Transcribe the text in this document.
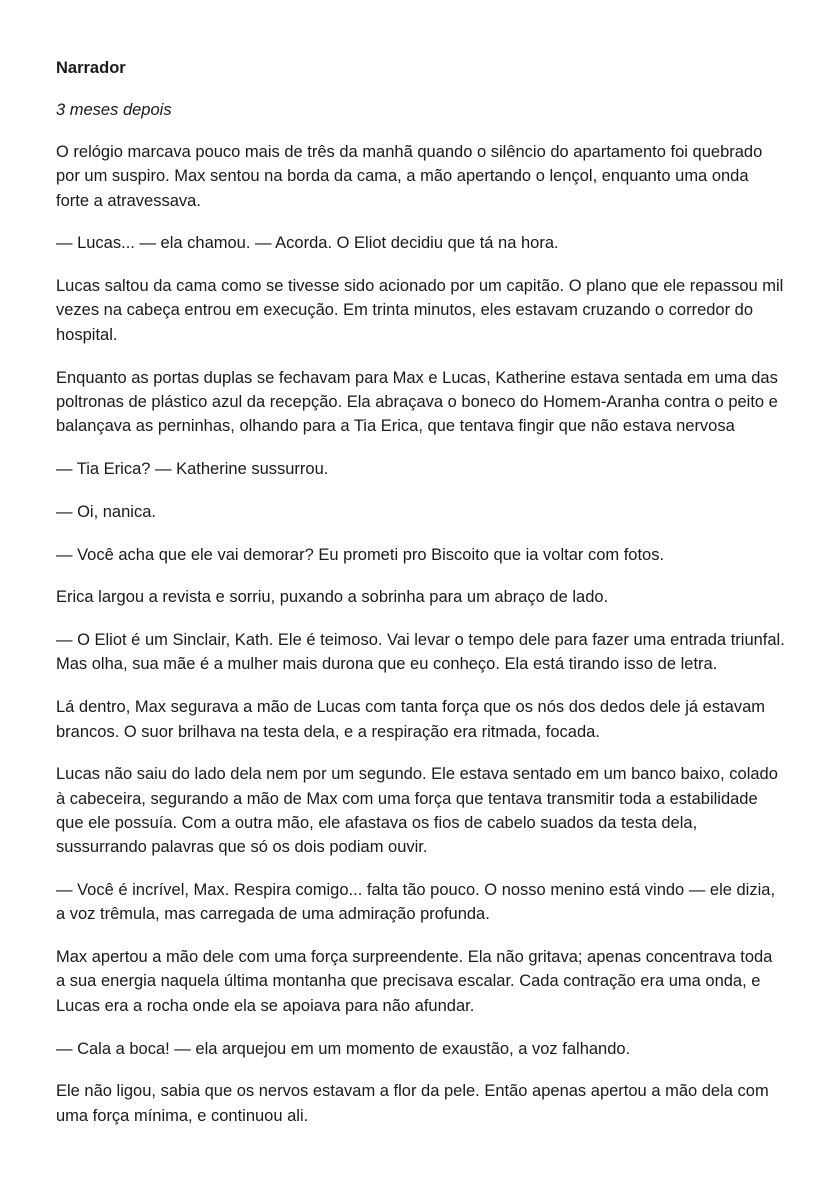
Narrador

3 meses depois

O relógio marcava pouco mais de três da manhã quando o silêncio do apartamento foi quebrado por um suspiro. Max sentou na borda da cama, a mão apertando o lençol, enquanto uma onda forte a atravessava.

— Lucas... — ela chamou. — Acorda. O Eliot decidiu que tá na hora.

Lucas saltou da cama como se tivesse sido acionado por um capitão. O plano que ele repassou mil vezes na cabeça entrou em execução. Em trinta minutos, eles estavam cruzando o corredor do hospital.

Enquanto as portas duplas se fechavam para Max e Lucas, Katherine estava sentada em uma das poltronas de plástico azul da recepção. Ela abraçava o boneco do Homem-Aranha contra o peito e balançava as perninhas, olhando para a Tia Erica, que tentava fingir que não estava nervosa

— Tia Erica? — Katherine sussurrou.

— Oi, nanica.

— Você acha que ele vai demorar? Eu prometi pro Biscoito que ia voltar com fotos.

Erica largou a revista e sorriu, puxando a sobrinha para um abraço de lado.

— O Eliot é um Sinclair, Kath. Ele é teimoso. Vai levar o tempo dele para fazer uma entrada triunfal. Mas olha, sua mãe é a mulher mais durona que eu conheço. Ela está tirando isso de letra.

Lá dentro, Max segurava a mão de Lucas com tanta força que os nós dos dedos dele já estavam brancos. O suor brilhava na testa dela, e a respiração era ritmada, focada.

Lucas não saiu do lado dela nem por um segundo. Ele estava sentado em um banco baixo, colado à cabeceira, segurando a mão de Max com uma força que tentava transmitir toda a estabilidade que ele possuía. Com a outra mão, ele afastava os fios de cabelo suados da testa dela, sussurrando palavras que só os dois podiam ouvir.

— Você é incrível, Max. Respira comigo... falta tão pouco. O nosso menino está vindo — ele dizia, a voz trêmula, mas carregada de uma admiração profunda.

Max apertou a mão dele com uma força surpreendente. Ela não gritava; apenas concentrava toda a sua energia naquela última montanha que precisava escalar. Cada contração era uma onda, e Lucas era a rocha onde ela se apoiava para não afundar.

— Cala a boca! — ela arquejou em um momento de exaustão, a voz falhando.

Ele não ligou, sabia que os nervos estavam a flor da pele. Então apenas apertou a mão dela com uma força mínima, e continuou ali.
